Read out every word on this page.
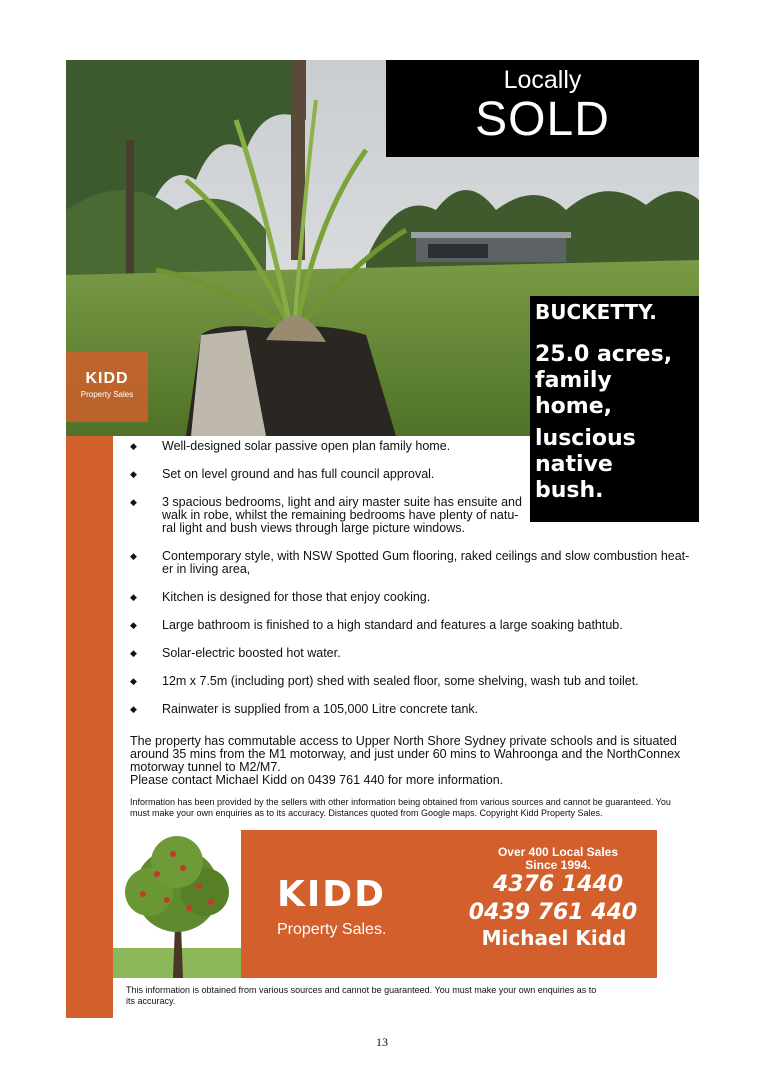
Locally
SOLD
KIDD
Property Sales
BUCKETTY.
25.0 acres,
family
home,
luscious
native
bush.
◆ Well-designed solar passive open plan family home.
◆ Set on level ground and has full council approval.
◆ 3 spacious bedrooms, light and airy master suite has ensuite and
walk in robe, whilst the remaining bedrooms have plenty of natu-
ral light and bush views through large picture windows.
◆ Contemporary style, with NSW Spotted Gum flooring, raked ceilings and slow combustion heat-
er in living area,
◆ Kitchen is designed for those that enjoy cooking.
◆ Large bathroom is finished to a high standard and features a large soaking bathtub.
◆ Solar-electric boosted hot water.
◆ 12m x 7.5m (including port) shed with sealed floor, some shelving, wash tub and toilet.
◆ Rainwater is supplied from a 105,000 Litre concrete tank.
The property has commutable access to Upper North Shore Sydney private schools and is situated
around 35 mins from the M1 motorway, and just under 60 mins to Wahroonga and the NorthConnex
motorway tunnel to M2/M7.
Please contact Michael Kidd on 0439 761 440 for more information.
Information has been provided by the sellers with other information being obtained from various sources and cannot be guaranteed. You
must make your own enquiries as to its accuracy. Distances quoted from Google maps. Copyright Kidd Property Sales.
KIDD
Property Sales.
Over 400 Local Sales
Since 1994.
4376 1440
0439 761 440
Michael Kidd
This information is obtained from various sources and cannot be guaranteed. You must make your own enquiries as to
its accuracy.
13
